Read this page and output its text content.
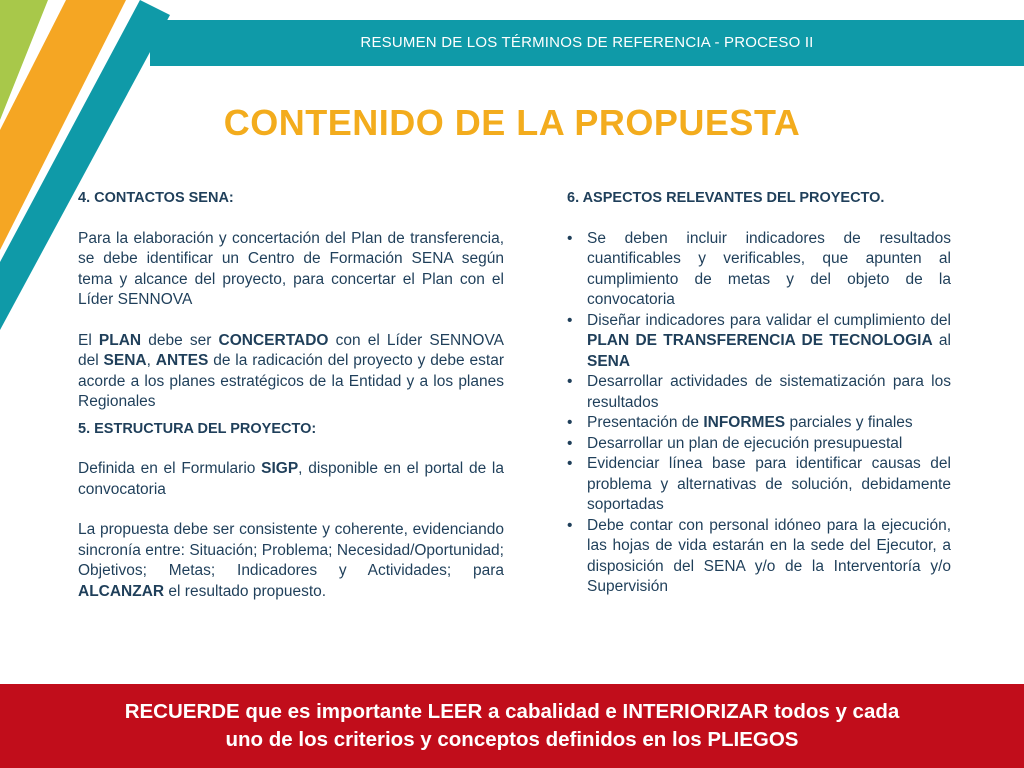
RESUMEN DE LOS TÉRMINOS DE REFERENCIA - PROCESO II
CONTENIDO DE LA PROPUESTA
4. CONTACTOS SENA:

Para la elaboración y concertación del Plan de transferencia, se debe identificar un Centro de Formación SENA según tema y alcance del proyecto, para concertar el Plan con el Líder SENNOVA

El PLAN debe ser CONCERTADO con el Líder SENNOVA del SENA, ANTES de la radicación del proyecto y debe estar acorde a los planes estratégicos de la Entidad y a los planes Regionales

5. ESTRUCTURA DEL PROYECTO:

Definida en el Formulario SIGP, disponible en el portal de la convocatoria

La propuesta debe ser consistente y coherente, evidenciando sincronía entre: Situación; Problema; Necesidad/Oportunidad; Objetivos; Metas; Indicadores y Actividades; para ALCANZAR el resultado propuesto.

6. ASPECTOS RELEVANTES DEL PROYECTO.
• Se deben incluir indicadores de resultados cuantificables y verificables, que apunten al cumplimiento de metas y del objeto de la convocatoria
• Diseñar indicadores para validar el cumplimiento del PLAN DE TRANSFERENCIA DE TECNOLOGIA al SENA
• Desarrollar actividades de sistematización para los resultados
• Presentación de INFORMES parciales y finales
• Desarrollar un plan de ejecución presupuestal
• Evidenciar línea base para identificar causas del problema y alternativas de solución, debidamente soportadas
• Debe contar con personal idóneo para la ejecución, las hojas de vida estarán en la sede del Ejecutor, a disposición del SENA y/o de la Interventoría y/o Supervisión
RECUERDE que es importante LEER a cabalidad e INTERIORIZAR todos y cada
uno de los criterios y conceptos definidos en los PLIEGOS
